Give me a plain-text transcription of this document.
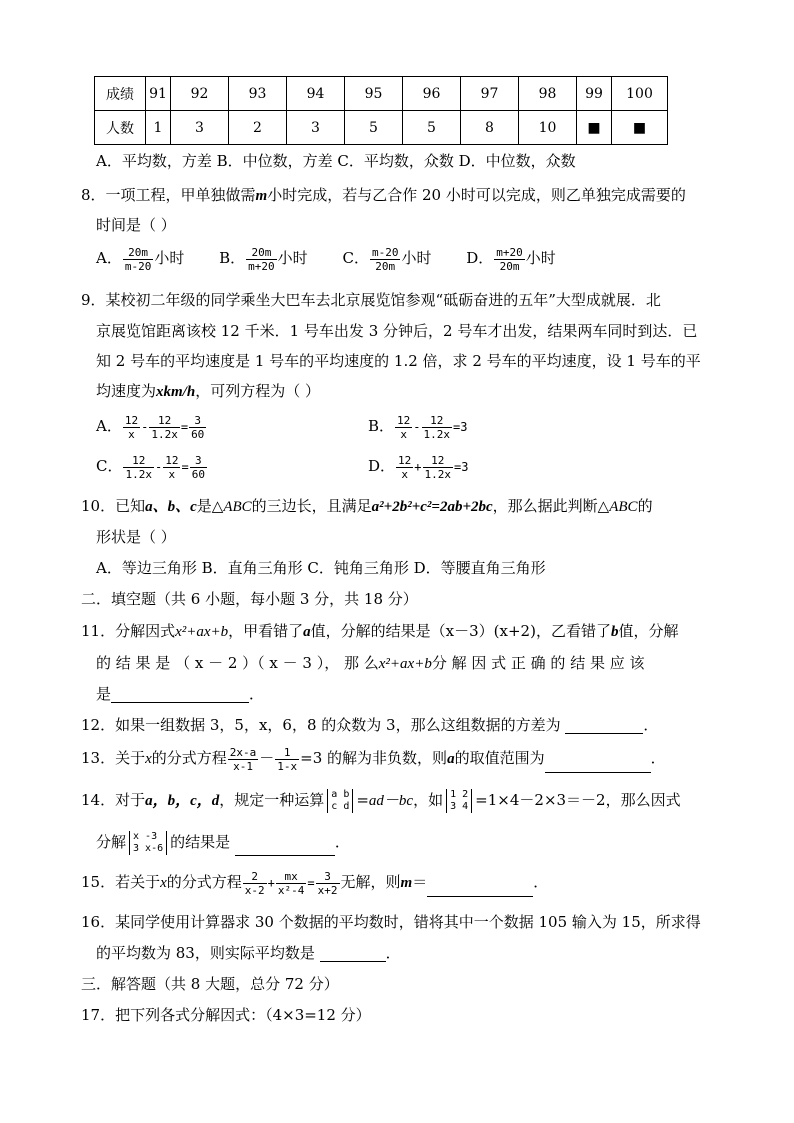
成绩	91	92	93	94	95	96	97	98	99	100
人数	1	3	2	3	5	5	8	10	■	■
A．平均数，方差 B．中位数，方差 C．平均数，众数 D．中位数，众数
8．一项工程，甲单独做需m小时完成，若与乙合作 20 小时可以完成，则乙单独完成需要的
时间是（ ）
A． $\frac{20m}{m-20}$ 小时 B． $\frac{20m}{m+20}$ 小时 C． $\frac{m-20}{20m}$ 小时 D． $\frac{m+20}{20m}$ 小时
9．某校初二年级的同学乘坐大巴车去北京展览馆参观“砥砺奋进的五年”大型成就展．北
京展览馆距离该校 12 千米．1 号车出发 3 分钟后，2 号车才出发，结果两车同时到达．已
知 2 号车的平均速度是 1 号车的平均速度的 1.2 倍，求 2 号车的平均速度，设 1 号车的平
均速度为xkm/h，可列方程为（ ）
A． $\frac{12}{x} - \frac{12}{1.2x} = \frac{3}{60}$	B． $\frac{12}{x} - \frac{12}{1.2x} =3$
C． $\frac{12}{1.2x} - \frac{12}{x} = \frac{3}{60}$	D． $\frac{12}{x} + \frac{12}{1.2x} =3$
10．已知a、b、c是△ABC的三边长，且满足a²+2b²+c²=2ab+2bc，那么据此判断△ABC的
形状是（ ）
A．等边三角形 B．直角三角形 C．钝角三角形 D．等腰直角三角形
二．填空题（共 6 小题，每小题 3 分，共 18 分）
11．分解因式x²+ax+b，甲看错了a值，分解的结果是（x－3）(x+2)，乙看错了b值，分解
的 结 果 是 （ x － 2 ）（ x － 3 ）， 那 么x²+ax+b分 解 因 式 正 确 的 结 果 应 该
是	．
12．如果一组数据 3，5，x，6，8 的众数为 3，那么这组数据的方差为	．
13．关于x的分式方程 $\frac{2x-a}{x-1} - \frac{1}{1-x} =3$ 的解为非负数，则a的取值范围为	．
14．对于a，b，c，d，规定一种运算 a b
c d =ad－bc，如 1 2
3 4 =1×4－2×3＝－2，那么因式
分解 x -3
3 x-6 的结果是	．
15．若关于x的分式方程 $\frac{2}{x-2} + \frac{mx}{\text{x²-4}} = \frac{3}{x+2}$ 无解，则m＝	．
16．某同学使用计算器求 30 个数据的平均数时，错将其中一个数据 105 输入为 15，所求得
的平均数为 83，则实际平均数是	．
三．解答题（共 8 大题，总分 72 分）
17．把下列各式分解因式：（4×3=12 分）
